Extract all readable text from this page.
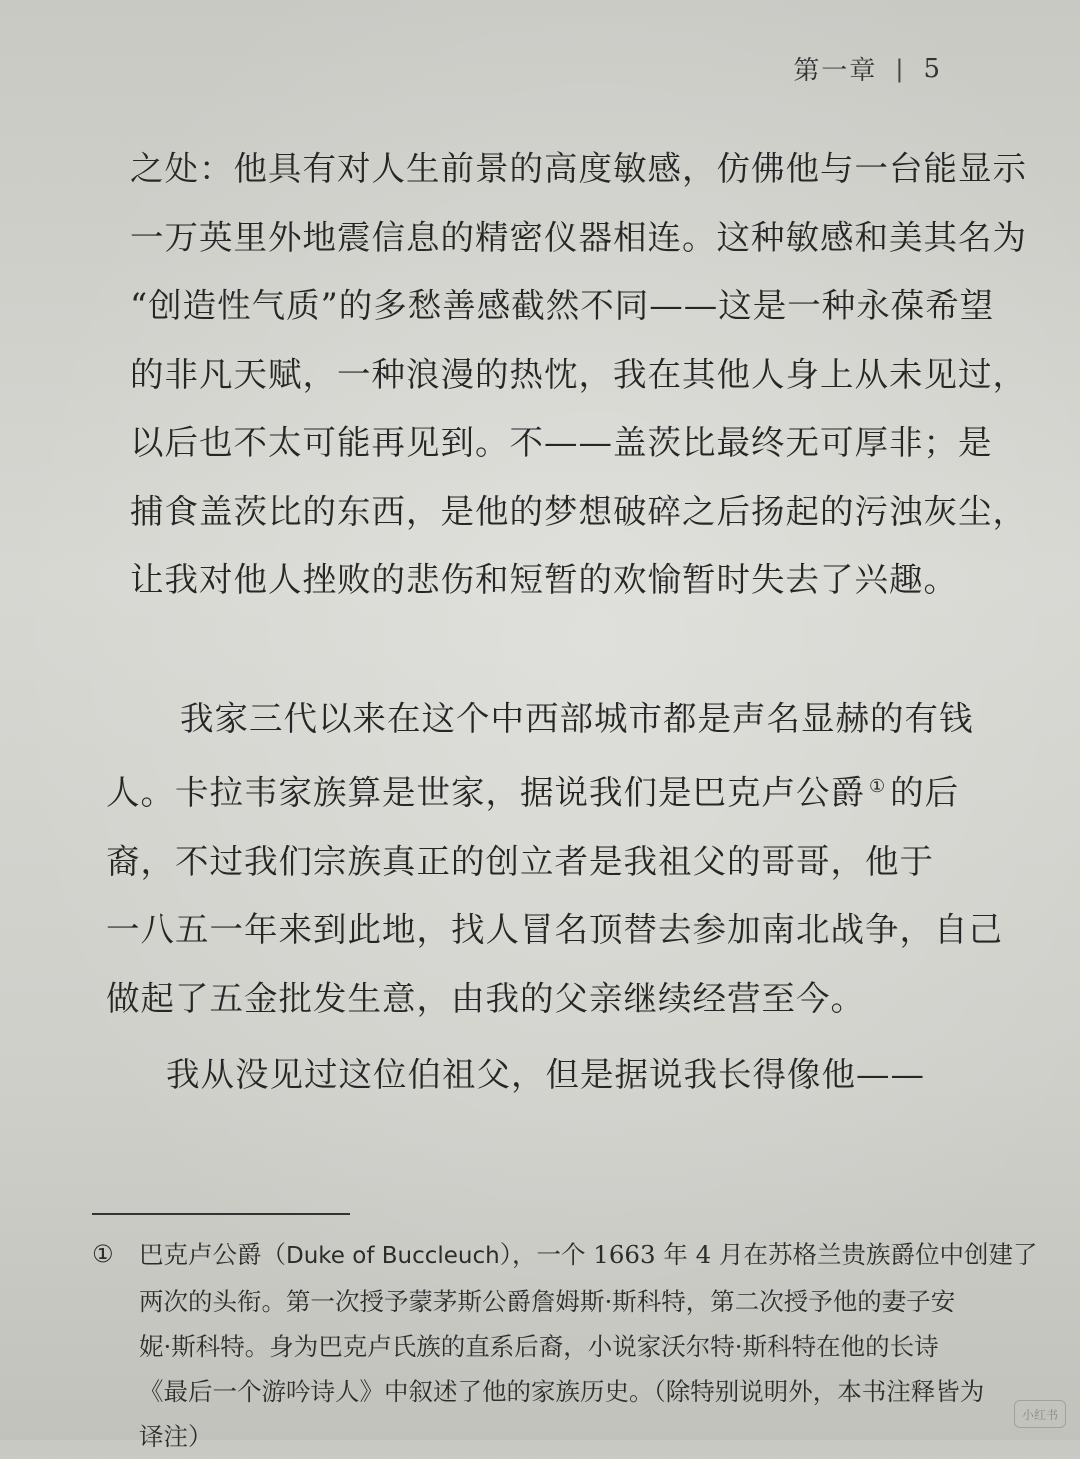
第一章 | 5

之处：他具有对人生前景的高度敏感，仿佛他与一台能显示
一万英里外地震信息的精密仪器相连。这种敏感和美其名为
“创造性气质”的多愁善感截然不同——这是一种永葆希望
的非凡天赋，一种浪漫的热忱，我在其他人身上从未见过，
以后也不太可能再见到。不——盖茨比最终无可厚非；是
捕食盖茨比的东西，是他的梦想破碎之后扬起的污浊灰尘，
让我对他人挫败的悲伤和短暂的欢愉暂时失去了兴趣。

我家三代以来在这个中西部城市都是声名显赫的有钱
人。卡拉韦家族算是世家，据说我们是巴克卢公爵 ① 的后
裔，不过我们宗族真正的创立者是我祖父的哥哥，他于
一八五一年来到此地，找人冒名顶替去参加南北战争，自己
做起了五金批发生意，由我的父亲继续经营至今。

我从没见过这位伯祖父，但是据说我长得像他——

①	巴克卢公爵（Duke of Buccleuch），一个 1663 年 4 月在苏格兰贵族爵位中创建了
两次的头衔。第一次授予蒙茅斯公爵詹姆斯·斯科特，第二次授予他的妻子安
妮·斯科特。身为巴克卢氏族的直系后裔，小说家沃尔特·斯科特在他的长诗
《最后一个游吟诗人》中叙述了他的家族历史。（除特别说明外，本书注释皆为
译注）
小红书
